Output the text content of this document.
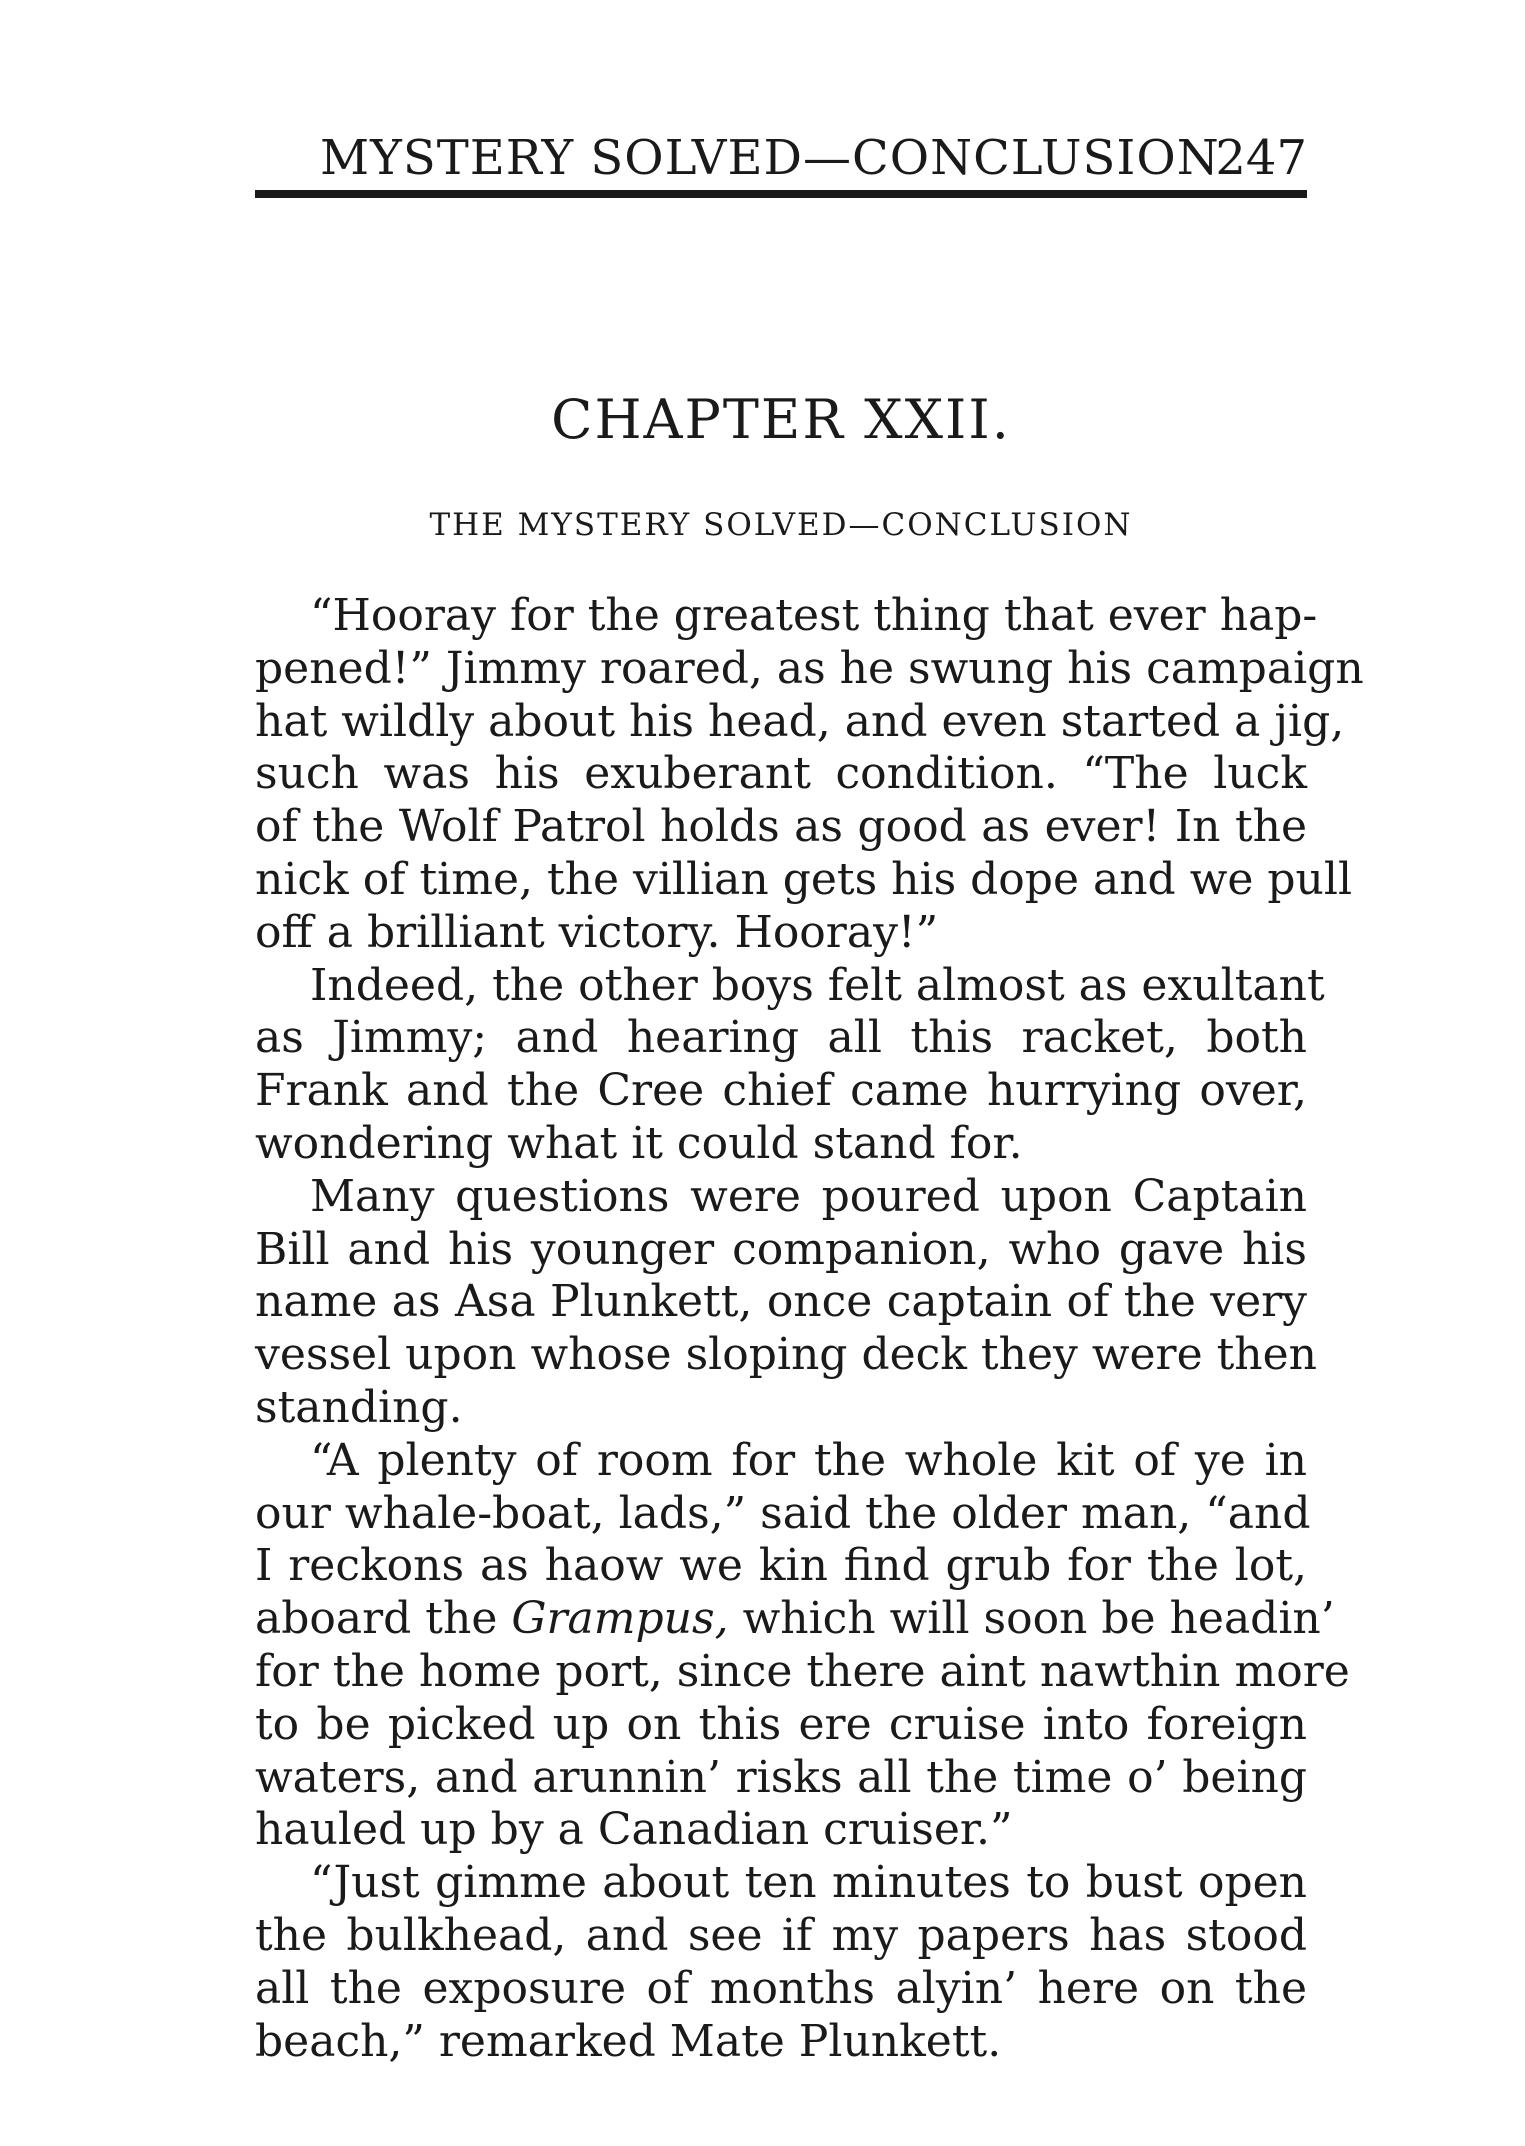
MYSTERY SOLVED—CONCLUSION
247
CHAPTER XXII.
THE MYSTERY SOLVED—CONCLUSION
“Hooray for the greatest thing that ever hap-
pened!” Jimmy roared, as he swung his campaign
hat wildly about his head, and even started a jig,
such was his exuberant condition. “The luck
of the Wolf Patrol holds as good as ever! In the
nick of time, the villian gets his dope and we pull
off a brilliant victory. Hooray!”
Indeed, the other boys felt almost as exultant
as Jimmy; and hearing all this racket, both
Frank and the Cree chief came hurrying over,
wondering what it could stand for.
Many questions were poured upon Captain
Bill and his younger companion, who gave his
name as Asa Plunkett, once captain of the very
vessel upon whose sloping deck they were then
standing.
“A plenty of room for the whole kit of ye in
our whale-boat, lads,” said the older man, “and
I reckons as haow we kin find grub for the lot,
aboard the Grampus, which will soon be headin’
for the home port, since there aint nawthin more
to be picked up on this ere cruise into foreign
waters, and arunnin’ risks all the time o’ being
hauled up by a Canadian cruiser.”
“Just gimme about ten minutes to bust open
the bulkhead, and see if my papers has stood
all the exposure of months alyin’ here on the
beach,” remarked Mate Plunkett.
